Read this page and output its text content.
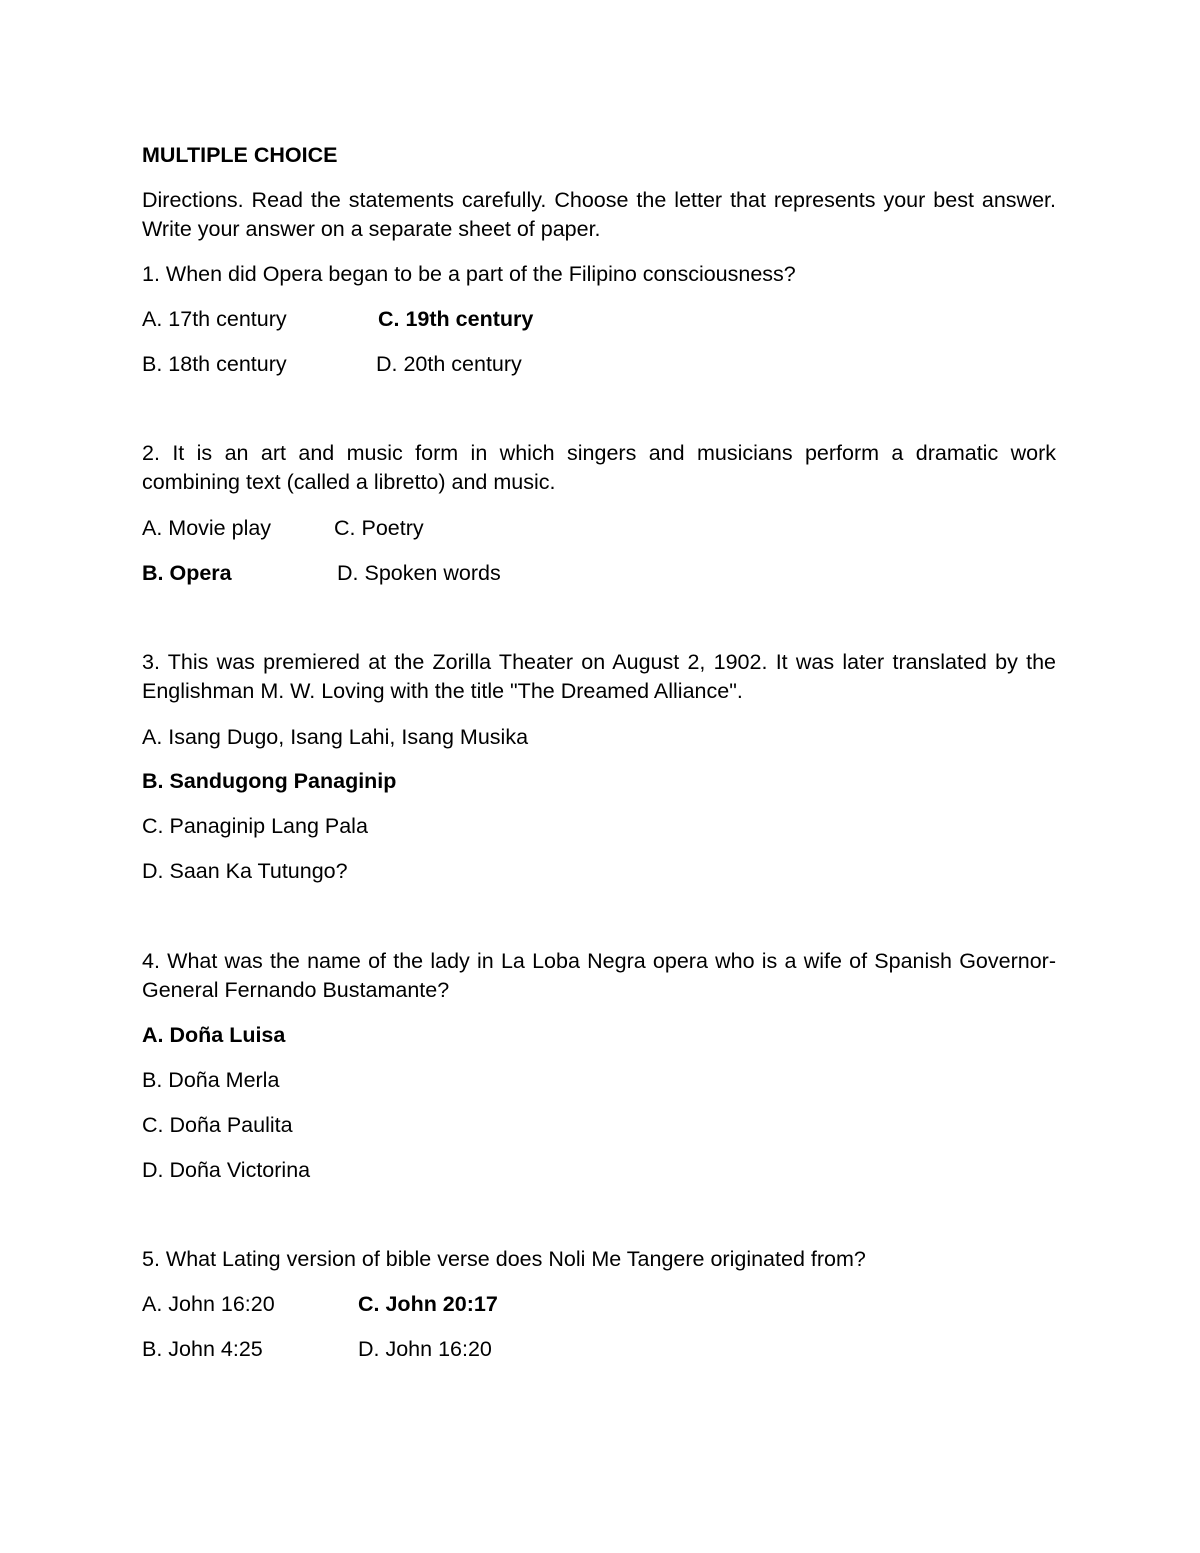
MULTIPLE CHOICE
Directions. Read the statements carefully. Choose the letter that represents your best answer. Write your answer on a separate sheet of paper.
1. When did Opera began to be a part of the Filipino consciousness?
A. 17th century	C. 19th century
B. 18th century	D. 20th century
2. It is an art and music form in which singers and musicians perform a dramatic work combining text (called a libretto) and music.
A. Movie play	C. Poetry
B. Opera	D. Spoken words
3. This was premiered at the Zorilla Theater on August 2, 1902. It was later translated by the Englishman M. W. Loving with the title "The Dreamed Alliance".
A. Isang Dugo, Isang Lahi, Isang Musika
B. Sandugong Panaginip
C. Panaginip Lang Pala
D. Saan Ka Tutungo?
4. What was the name of the lady in La Loba Negra opera who is a wife of Spanish Governor-General Fernando Bustamante?
A. Doña Luisa
B. Doña Merla
C. Doña Paulita
D. Doña Victorina
5. What Lating version of bible verse does Noli Me Tangere originated from?
A. John 16:20	C. John 20:17
B. John 4:25	D. John 16:20
